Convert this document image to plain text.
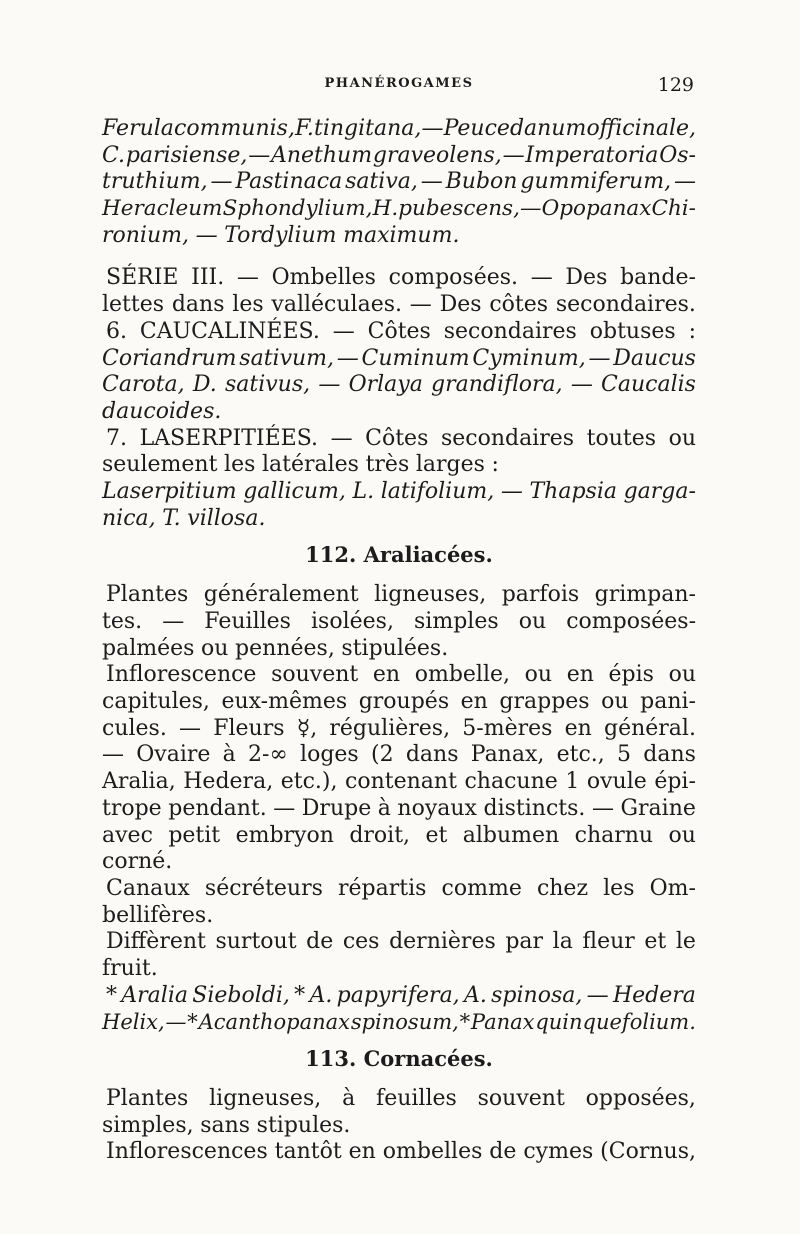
PHANÉROGAMES	129
Ferula communis, F. tingitana, — Peucedanum officinale,
C. parisiense, — Anethum graveolens, — Imperatoria Os-
truthium, — Pastinaca sativa, — Bubon gummiferum, —
Heracleum Sphondylium, H. pubescens, — Opopanax Chi-
ronium, — Tordylium maximum.
SÉRIE III. — Ombelles composées. — Des bande-
lettes dans les valléculaes. — Des côtes secondaires.
6. CAUCALINÉES. — Côtes secondaires obtuses :
Coriandrum sativum, — Cuminum Cyminum, — Daucus
Carota, D. sativus, — Orlaya grandiflora, — Caucalis
daucoides.
7. LASERPITIÉES. — Côtes secondaires toutes ou
seulement les latérales très larges :
Laserpitium gallicum, L. latifolium, — Thapsia garga-
nica, T. villosa.
112. Araliacées.
Plantes généralement ligneuses, parfois grimpan-
tes. — Feuilles isolées, simples ou composées-
palmées ou pennées, stipulées.
Inflorescence souvent en ombelle, ou en épis ou
capitules, eux-mêmes groupés en grappes ou pani-
cules. — Fleurs ☿, régulières, 5-mères en général.
— Ovaire à 2-∞ loges (2 dans Panax, etc., 5 dans
Aralia, Hedera, etc.), contenant chacune 1 ovule épi-
trope pendant. — Drupe à noyaux distincts. — Graine
avec petit embryon droit, et albumen charnu ou
corné.
Canaux sécréteurs répartis comme chez les Om-
bellifères.
Diffèrent surtout de ces dernières par la fleur et le
fruit.
* Aralia Sieboldi, * A. papyrifera, A. spinosa, — Hedera
Helix, — * Acanthopanax spinosum, * Panax quinquefolium.
113. Cornacées.
Plantes ligneuses, à feuilles souvent opposées,
simples, sans stipules.
Inflorescences tantôt en ombelles de cymes (Cornus,
